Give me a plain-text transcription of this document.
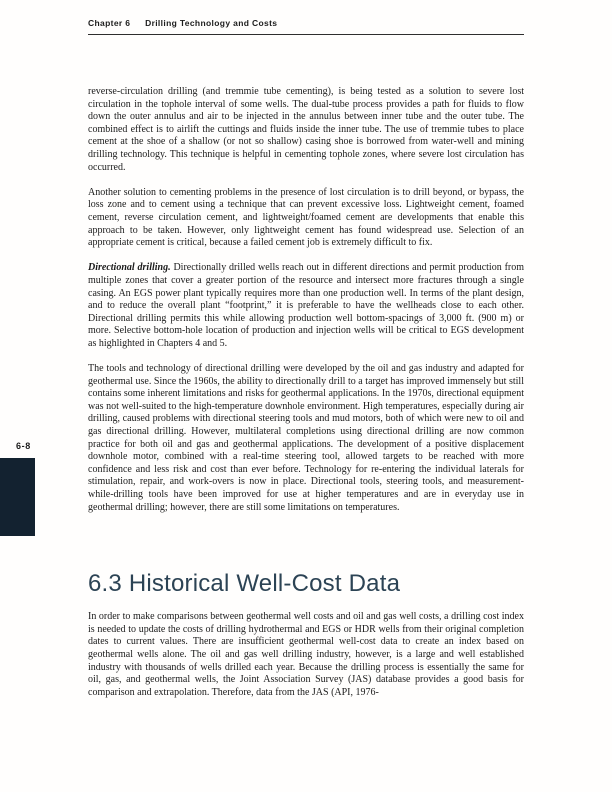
Chapter 6 Drilling Technology and Costs
6-8

reverse-circulation drilling (and tremmie tube cementing), is being tested as a solution to severe lost circulation in the tophole interval of some wells. The dual-tube process provides a path for fluids to flow down the outer annulus and air to be injected in the annulus between inner tube and the outer tube. The combined effect is to airlift the cuttings and fluids inside the inner tube. The use of tremmie tubes to place cement at the shoe of a shallow (or not so shallow) casing shoe is borrowed from water-well and mining drilling technology. This technique is helpful in cementing tophole zones, where severe lost circulation has occurred.

Another solution to cementing problems in the presence of lost circulation is to drill beyond, or bypass, the loss zone and to cement using a technique that can prevent excessive loss. Lightweight cement, foamed cement, reverse circulation cement, and lightweight/foamed cement are developments that enable this approach to be taken. However, only lightweight cement has found widespread use. Selection of an appropriate cement is critical, because a failed cement job is extremely difficult to fix.

Directional drilling. Directionally drilled wells reach out in different directions and permit production from multiple zones that cover a greater portion of the resource and intersect more fractures through a single casing. An EGS power plant typically requires more than one production well. In terms of the plant design, and to reduce the overall plant “footprint,” it is preferable to have the wellheads close to each other. Directional drilling permits this while allowing production well bottom-spacings of 3,000 ft. (900 m) or more. Selective bottom-hole location of production and injection wells will be critical to EGS development as highlighted in Chapters 4 and 5.

The tools and technology of directional drilling were developed by the oil and gas industry and adapted for geothermal use. Since the 1960s, the ability to directionally drill to a target has improved immensely but still contains some inherent limitations and risks for geothermal applications. In the 1970s, directional equipment was not well-suited to the high-temperature downhole environment. High temperatures, especially during air drilling, caused problems with directional steering tools and mud motors, both of which were new to oil and gas directional drilling. However, multilateral completions using directional drilling are now common practice for both oil and gas and geothermal applications. The development of a positive displacement downhole motor, combined with a real-time steering tool, allowed targets to be reached with more confidence and less risk and cost than ever before. Technology for re-entering the individual laterals for stimulation, repair, and work-overs is now in place. Directional tools, steering tools, and measurement-while-drilling tools have been improved for use at higher temperatures and are in everyday use in geothermal drilling; however, there are still some limitations on temperatures.

6.3 Historical Well-Cost Data

In order to make comparisons between geothermal well costs and oil and gas well costs, a drilling cost index is needed to update the costs of drilling hydrothermal and EGS or HDR wells from their original completion dates to current values. There are insufficient geothermal well-cost data to create an index based on geothermal wells alone. The oil and gas well drilling industry, however, is a large and well established industry with thousands of wells drilled each year. Because the drilling process is essentially the same for oil, gas, and geothermal wells, the Joint Association Survey (JAS) database provides a good basis for comparison and extrapolation. Therefore, data from the JAS (API, 1976-
